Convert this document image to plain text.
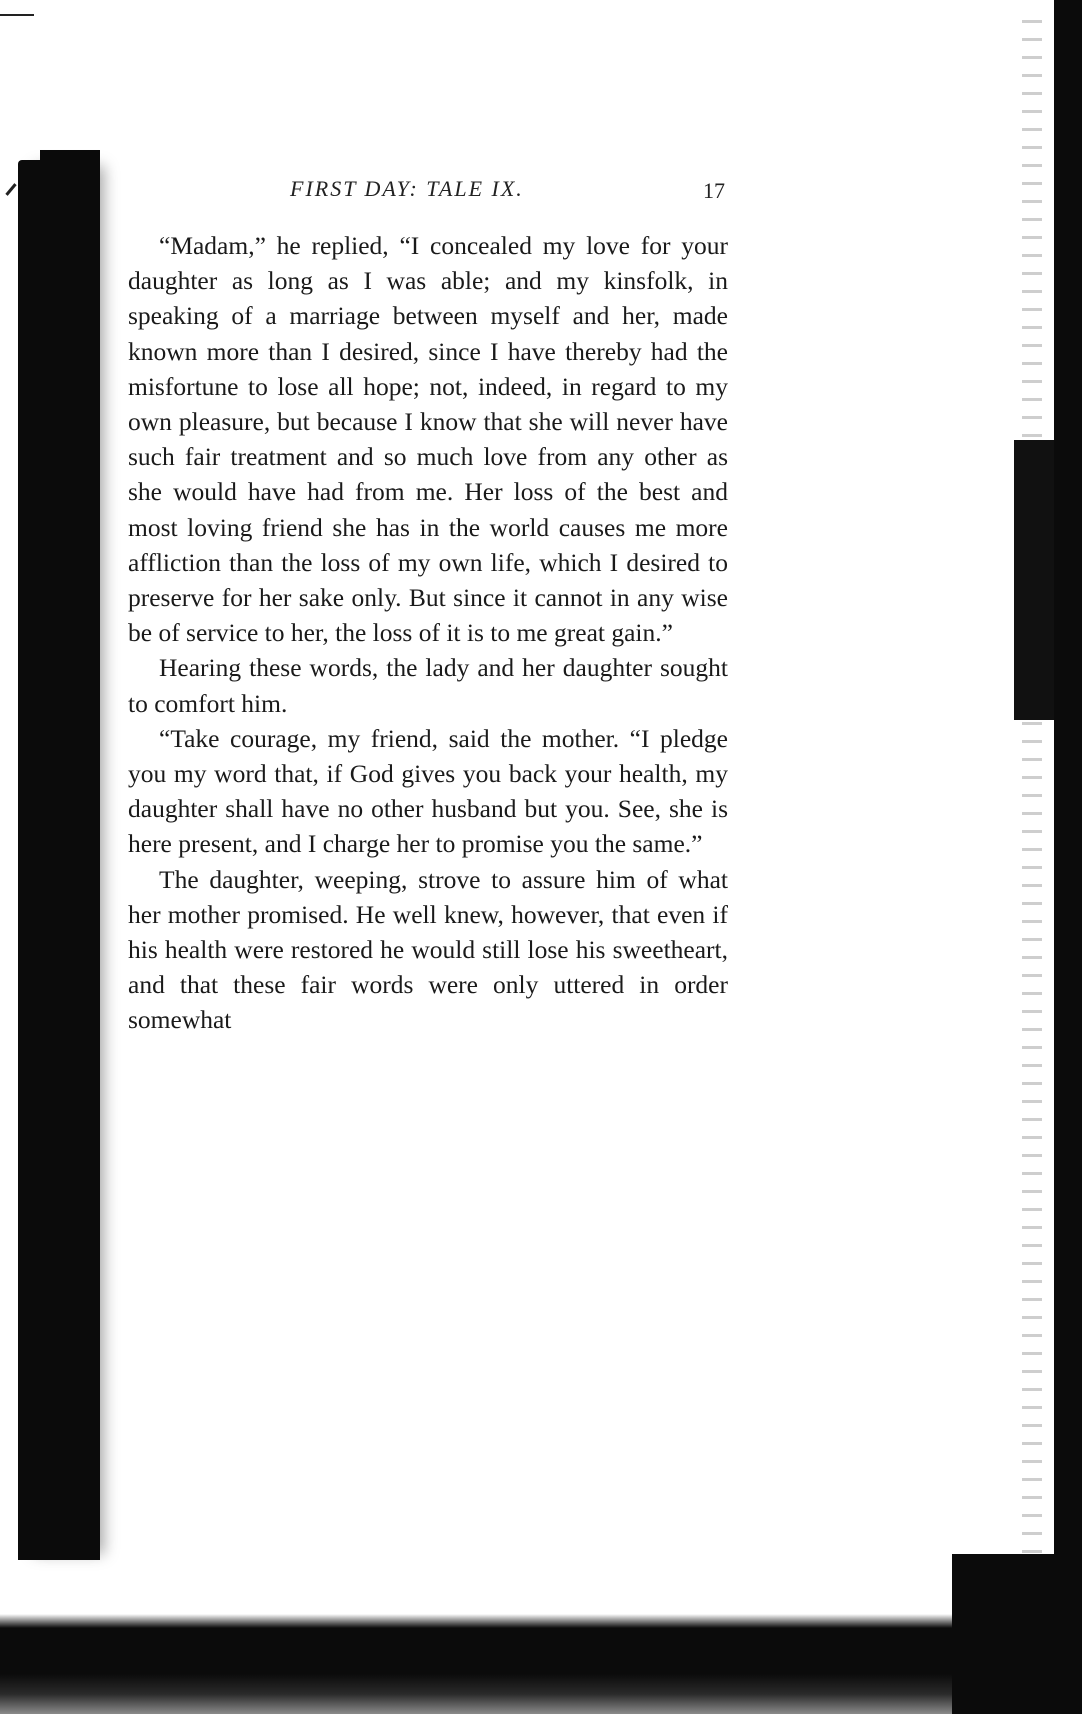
FIRST DAY: TALE IX.	17

“Madam,” he replied, “I concealed my love for your daughter as long as I was able; and my kinsfolk, in speaking of a marriage between myself and her, made known more than I desired, since I have thereby had the misfortune to lose all hope; not, indeed, in regard to my own pleasure, but because I know that she will never have such fair treatment and so much love from any other as she would have had from me. Her loss of the best and most loving friend she has in the world causes me more affliction than the loss of my own life, which I desired to preserve for her sake only. But since it cannot in any wise be of service to her, the loss of it is to me great gain.”

Hearing these words, the lady and her daughter sought to comfort him.

“Take courage, my friend, said the mother. “I pledge you my word that, if God gives you back your health, my daughter shall have no other husband but you. See, she is here present, and I charge her to promise you the same.”

The daughter, weeping, strove to assure him of what her mother promised. He well knew, however, that even if his health were restored he would still lose his sweetheart, and that these fair words were only uttered in order somewhat
